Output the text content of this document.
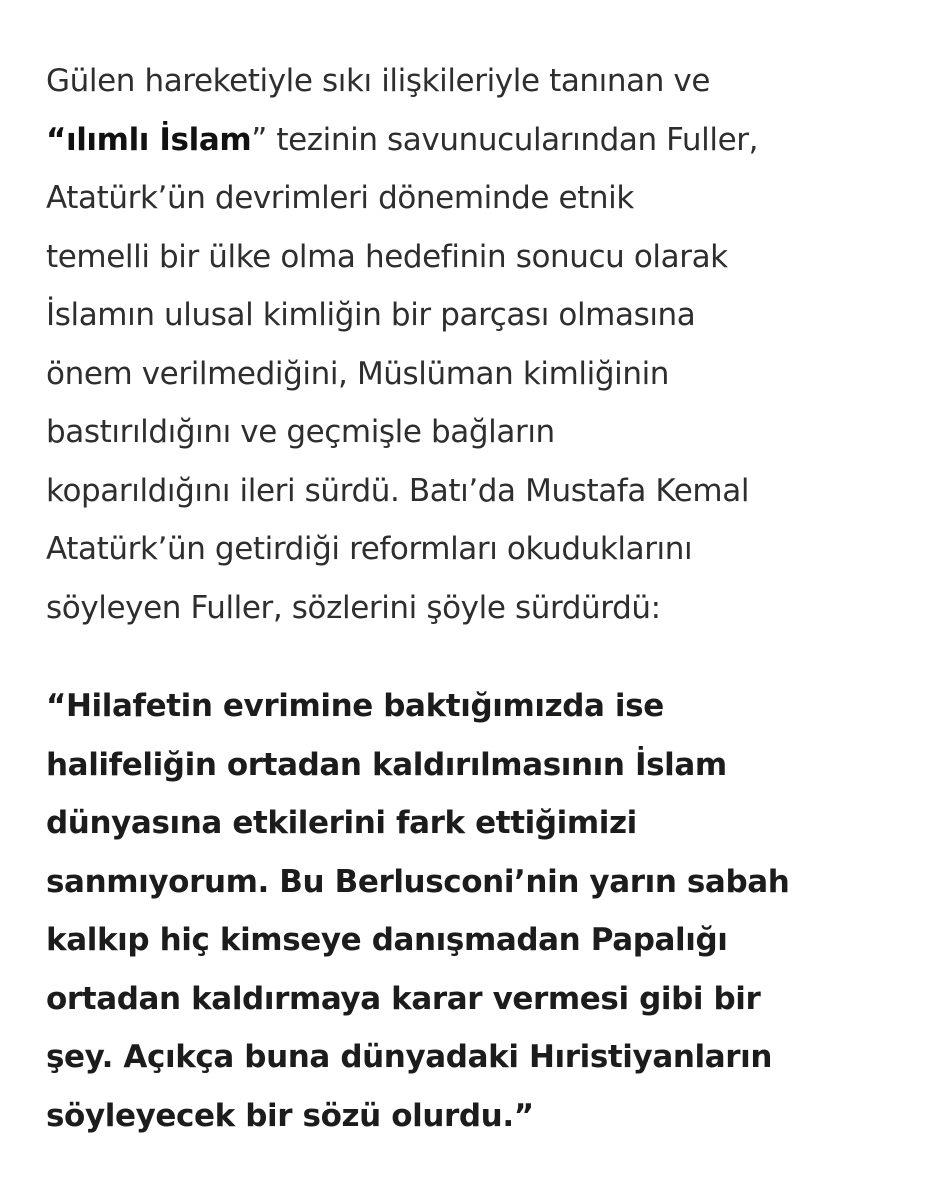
Gülen hareketiyle sıkı ilişkileriyle tanınan ve
“ılımlı İslam” tezinin savunucularından Fuller,
Atatürk’ün devrimleri döneminde etnik
temelli bir ülke olma hedefinin sonucu olarak
İslamın ulusal kimliğin bir parçası olmasına
önem verilmediğini, Müslüman kimliğinin
bastırıldığını ve geçmişle bağların
koparıldığını ileri sürdü. Batı’da Mustafa Kemal
Atatürk’ün getirdiği reformları okuduklarını
söyleyen Fuller, sözlerini şöyle sürdürdü:
“Hilafetin evrimine baktığımızda ise
halifeliğin ortadan kaldırılmasının İslam
dünyasına etkilerini fark ettiğimizi
sanmıyorum. Bu Berlusconi’nin yarın sabah
kalkıp hiç kimseye danışmadan Papalığı
ortadan kaldırmaya karar vermesi gibi bir
şey. Açıkça buna dünyadaki Hıristiyanların
söyleyecek bir sözü olurdu.”
